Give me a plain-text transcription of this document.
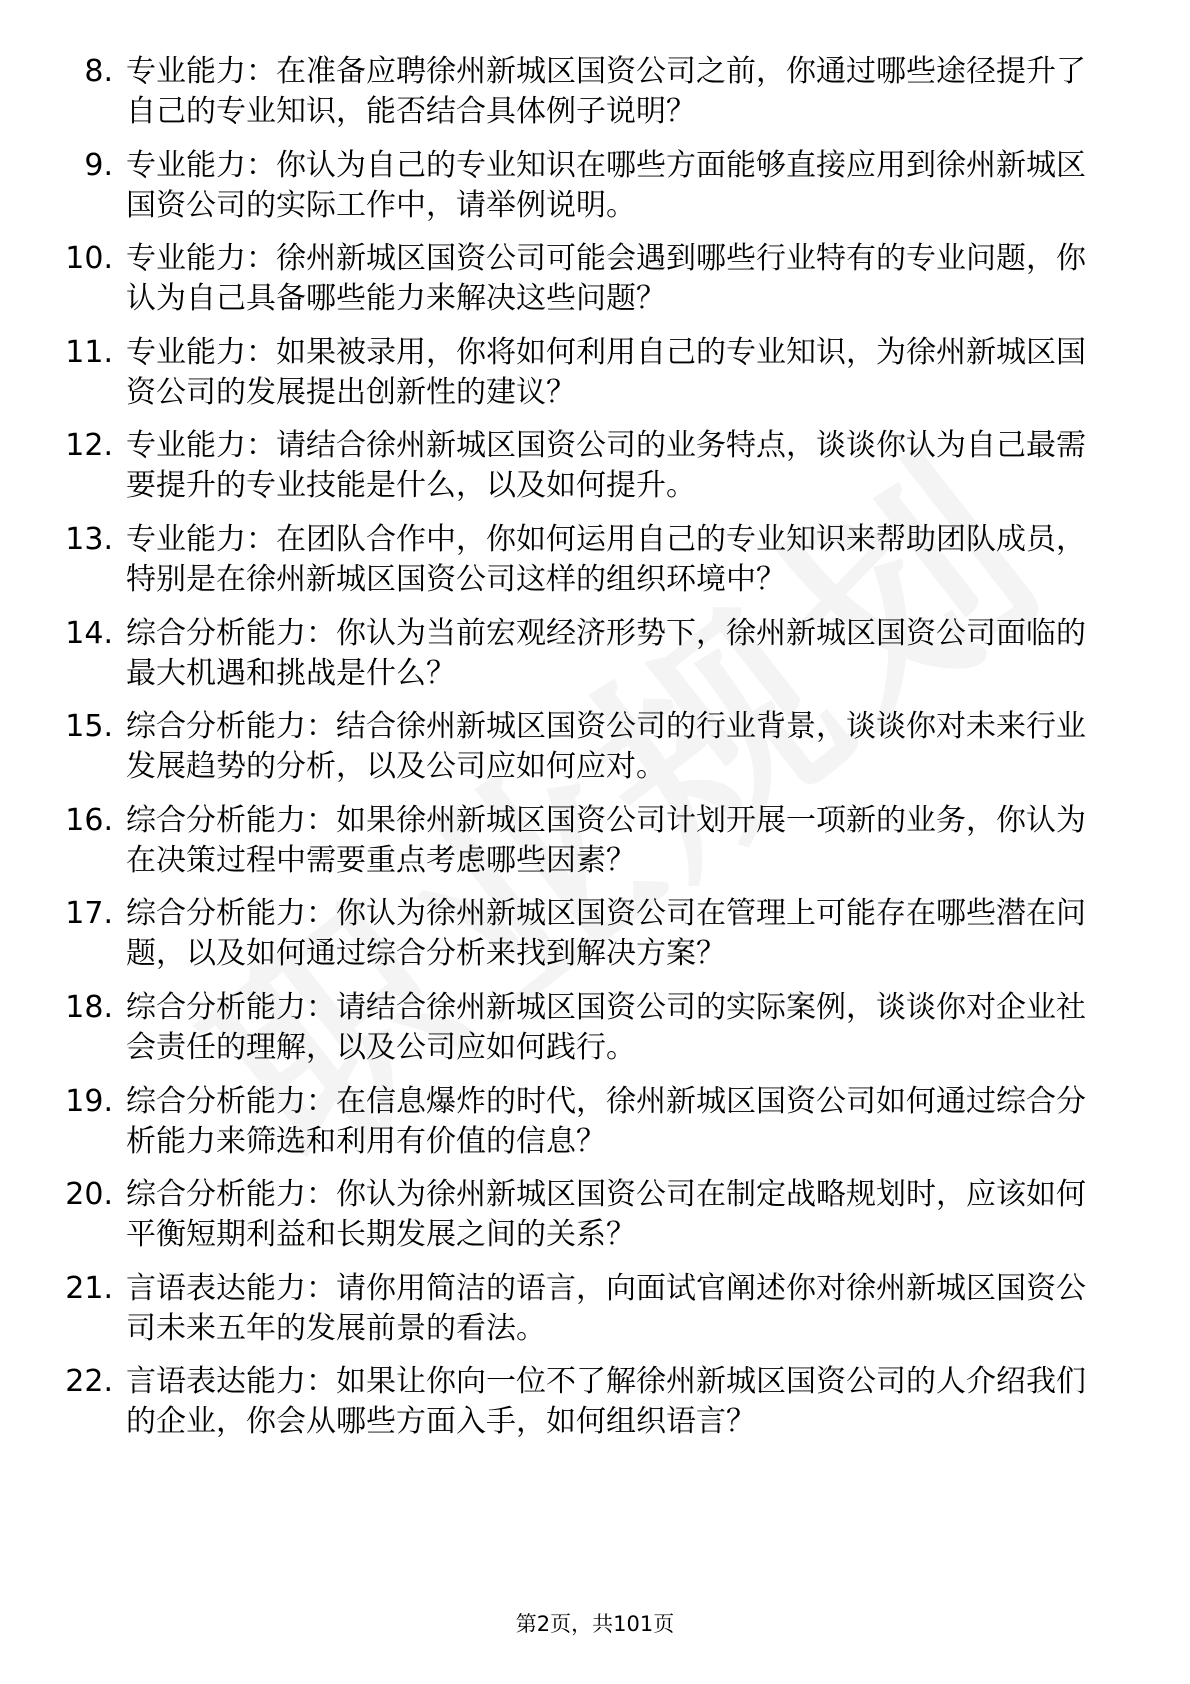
8. 专业能力：在准备应聘徐州新城区国资公司之前，你通过哪些途径提升了自己的专业知识，能否结合具体例子说明？
9. 专业能力：你认为自己的专业知识在哪些方面能够直接应用到徐州新城区国资公司的实际工作中，请举例说明。
10. 专业能力：徐州新城区国资公司可能会遇到哪些行业特有的专业问题，你认为自己具备哪些能力来解决这些问题？
11. 专业能力：如果被录用，你将如何利用自己的专业知识，为徐州新城区国资公司的发展提出创新性的建议？
12. 专业能力：请结合徐州新城区国资公司的业务特点，谈谈你认为自己最需要提升的专业技能是什么，以及如何提升。
13. 专业能力：在团队合作中，你如何运用自己的专业知识来帮助团队成员，特别是在徐州新城区国资公司这样的组织环境中？
14. 综合分析能力：你认为当前宏观经济形势下，徐州新城区国资公司面临的最大机遇和挑战是什么？
15. 综合分析能力：结合徐州新城区国资公司的行业背景，谈谈你对未来行业发展趋势的分析，以及公司应如何应对。
16. 综合分析能力：如果徐州新城区国资公司计划开展一项新的业务，你认为在决策过程中需要重点考虑哪些因素？
17. 综合分析能力：你认为徐州新城区国资公司在管理上可能存在哪些潜在问题，以及如何通过综合分析来找到解决方案？
18. 综合分析能力：请结合徐州新城区国资公司的实际案例，谈谈你对企业社会责任的理解，以及公司应如何践行。
19. 综合分析能力：在信息爆炸的时代，徐州新城区国资公司如何通过综合分析能力来筛选和利用有价值的信息？
20. 综合分析能力：你认为徐州新城区国资公司在制定战略规划时，应该如何平衡短期利益和长期发展之间的关系？
21. 言语表达能力：请你用简洁的语言，向面试官阐述你对徐州新城区国资公司未来五年的发展前景的看法。
22. 言语表达能力：如果让你向一位不了解徐州新城区国资公司的人介绍我们的企业，你会从哪些方面入手，如何组织语言？
第2页，共101页
